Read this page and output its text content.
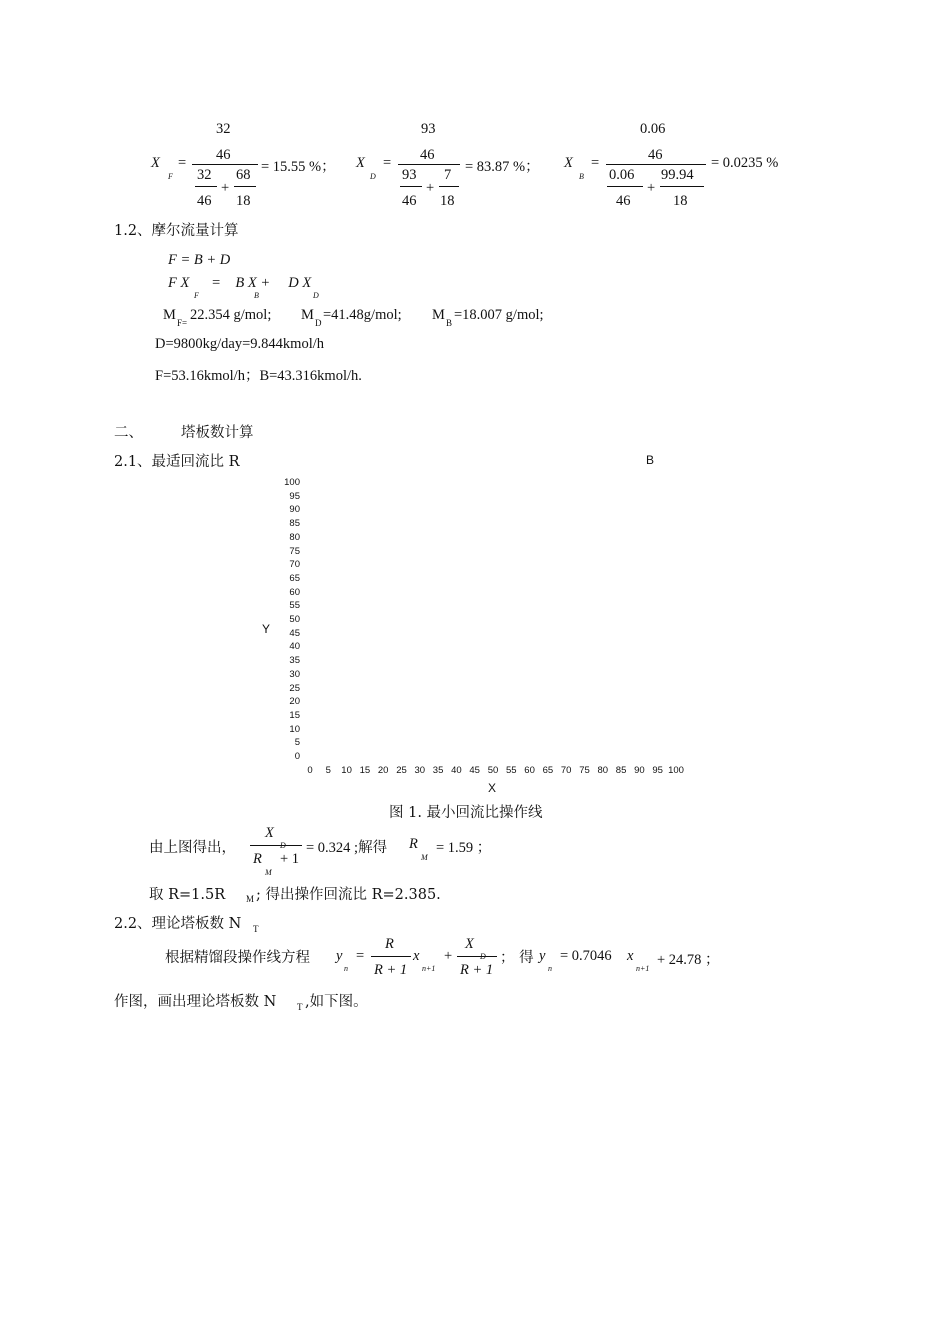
32
X
F
= 46
32
46
+
68
18
= 15.55 %；
93
X
D
= 46
93
46
+
7
18
= 83.87 %；
0.06
X
B
=	46
0.06
46
+
99.94
18
= 0.0235 %
1.2、摩尔流量计算
F = B + D
F X      =    B X +     D X
F	B	D
M F= 22.354 g/mol; M D =41.48g/mol; M B =18.007 g/mol;
D=9800kg/day=9.844kmol/h
F=53.16kmol/h；B=43.316kmol/h.
二、	塔板数计算
2.1、最适回流比 R	B
0
5
10
15
20
25
30
35
40
45
50
55
60
65
70
75
80
85
90
95
100
0 5 10 15 20 25 30 35 40 45 50 55 60 65 70 75 80 85 90 95 100
Y
X
图 1. 最小回流比操作线
由上图得出，
X
D
R
M
+ 1
= 0.324 ;解得 R
M
= 1.59 ；
取 R=1.5R M ; 得出操作回流比 R=2.385.
2.2、理论塔板数 N T
根据精馏段操作线方程 y
n
=
R
R + 1
x
n+1
+
X
D
R + 1
； 得 y
n
= 0.7046 x
n+1
+ 24.78 ；
作图，画出理论塔板数 N T ,如下图。
